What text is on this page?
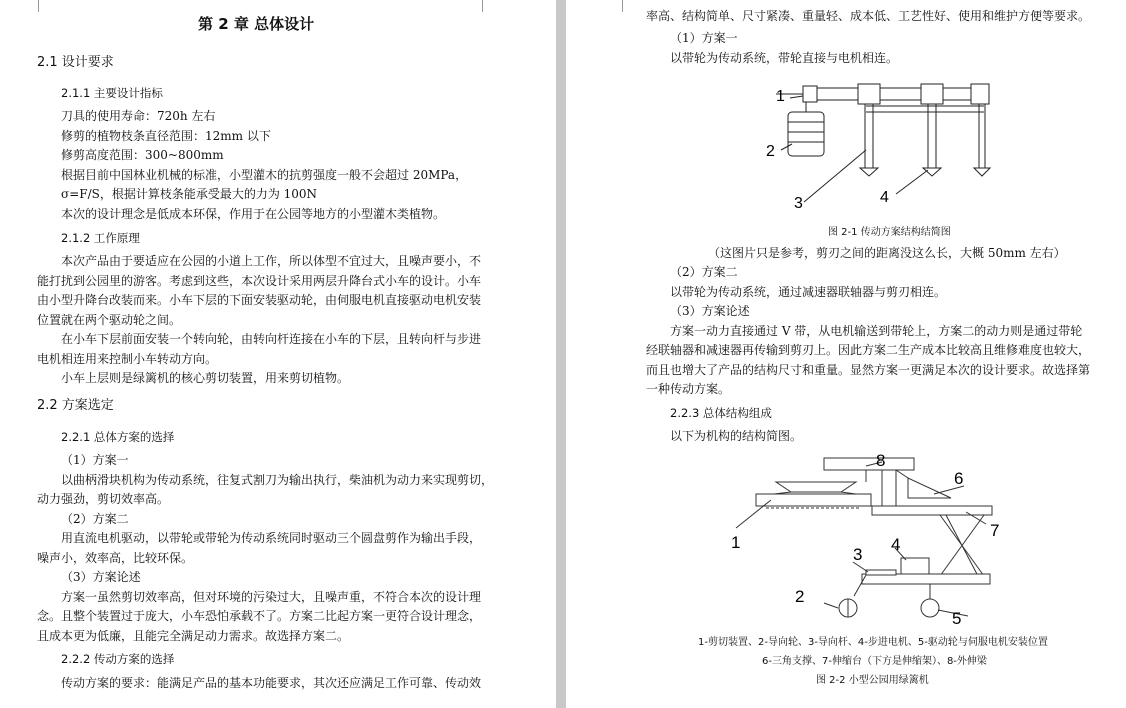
第 2 章 总体设计
2.1 设计要求
2.1.1 主要设计指标
刀具的使用寿命：720h 左右
修剪的植物枝条直径范围：12mm 以下
修剪高度范围：300~800mm
根据目前中国林业机械的标准，小型灌木的抗剪强度一般不会超过 20MPa，
σ=F/S，根据计算枝条能承受最大的力为 100N
本次的设计理念是低成本环保，作用于在公园等地方的小型灌木类植物。
2.1.2 工作原理
本次产品由于要适应在公园的小道上工作，所以体型不宜过大，且噪声要小，不
能打扰到公园里的游客。考虑到这些，本次设计采用两层升降台式小车的设计。小车
由小型升降台改装而来。小车下层的下面安装驱动轮，由伺服电机直接驱动电机安装
位置就在两个驱动轮之间。
在小车下层前面安装一个转向轮，由转向杆连接在小车的下层，且转向杆与步进
电机相连用来控制小车转动方向。
小车上层则是绿篱机的核心剪切装置，用来剪切植物。
2.2 方案选定
2.2.1 总体方案的选择
（1）方案一
以曲柄滑块机构为传动系统，往复式割刀为输出执行，柴油机为动力来实现剪切，
动力强劲，剪切效率高。
（2）方案二
用直流电机驱动，以带轮或带轮为传动系统同时驱动三个圆盘剪作为输出手段，
噪声小，效率高，比较环保。
（3）方案论述
方案一虽然剪切效率高，但对环境的污染过大，且噪声重，不符合本次的设计理
念。且整个装置过于庞大，小车恐怕承载不了。方案二比起方案一更符合设计理念，
且成本更为低廉，且能完全满足动力需求。故选择方案二。
2.2.2 传动方案的选择
传动方案的要求：能满足产品的基本功能要求，其次还应满足工作可靠、传动效
率高、结构简单、尺寸紧凑、重量轻、成本低、工艺性好、使用和维护方便等要求。
（1）方案一
以带轮为传动系统，带轮直接与电机相连。
1
2
3	4
图 2-1 传动方案结构结简图
（这图片只是参考，剪刃之间的距离没这么长，大概 50mm 左右）
（2）方案二
以带轮为传动系统，通过减速器联轴器与剪刃相连。
（3）方案论述
方案一动力直接通过 V 带，从电机输送到带轮上，方案二的动力则是通过带轮
经联轴器和减速器再传输到剪刃上。因此方案二生产成本比较高且维修难度也较大，
而且也增大了产品的结构尺寸和重量。显然方案一更满足本次的设计要求。故选择第
一种传动方案。
2.2.3 总体结构组成
以下为机构的结构简图。
1
2
3
4
5
6
7
8
1-剪切装置、2-导向轮、3-导向杆、4-步进电机、5-驱动轮与伺服电机安装位置
6-三角支撑、7-伸缩台（下方是伸缩架）、8-外伸梁
图 2-2 小型公园用绿篱机
